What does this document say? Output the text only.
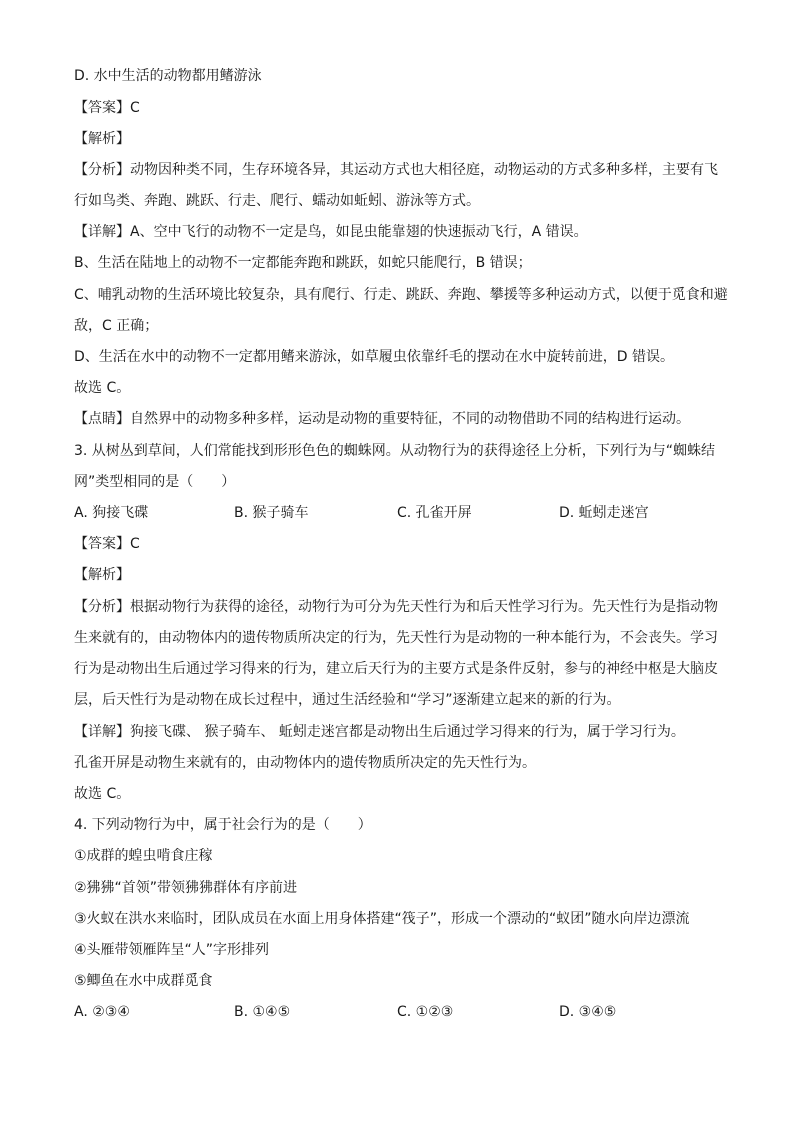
D. 水中生活的动物都用鳍游泳
【答案】C
【解析】
【分析】动物因种类不同，生存环境各异，其运动方式也大相径庭，动物运动的方式多种多样，主要有飞
行如鸟类、奔跑、跳跃、行走、爬行、蠕动如蚯蚓、游泳等方式。
【详解】A、空中飞行的动物不一定是鸟，如昆虫能靠翅的快速振动飞行，A 错误。
B、生活在陆地上的动物不一定都能奔跑和跳跃，如蛇只能爬行，B 错误；
C、哺乳动物的生活环境比较复杂，具有爬行、行走、跳跃、奔跑、攀援等多种运动方式，以便于觅食和避
敌，C 正确；
D、生活在水中的动物不一定都用鳍来游泳，如草履虫依靠纤毛的摆动在水中旋转前进，D 错误。
故选 C。
【点睛】自然界中的动物多种多样，运动是动物的重要特征，不同的动物借助不同的结构进行运动。
3. 从树丛到草间，人们常能找到形形色色的蜘蛛网。从动物行为的获得途径上分析，下列行为与“蜘蛛结
网”类型相同的是（　　）
A. 狗接飞碟	B. 猴子骑车	C. 孔雀开屏	D. 蚯蚓走迷宫
【答案】C
【解析】
【分析】根据动物行为获得的途径，动物行为可分为先天性行为和后天性学习行为。先天性行为是指动物
生来就有的，由动物体内的遗传物质所决定的行为，先天性行为是动物的一种本能行为，不会丧失。学习
行为是动物出生后通过学习得来的行为，建立后天行为的主要方式是条件反射，参与的神经中枢是大脑皮
层，后天性行为是动物在成长过程中，通过生活经验和“学习”逐渐建立起来的新的行为。
【详解】狗接飞碟、 猴子骑车、 蚯蚓走迷宫都是动物出生后通过学习得来的行为，属于学习行为。
孔雀开屏是动物生来就有的，由动物体内的遗传物质所决定的先天性行为。
故选 C。
4. 下列动物行为中，属于社会行为的是（　　）
①成群的蝗虫啃食庄稼
②狒狒“首领”带领狒狒群体有序前进
③火蚁在洪水来临时，团队成员在水面上用身体搭建“筏子”，形成一个漂动的“蚁团”随水向岸边漂流
④头雁带领雁阵呈“人”字形排列
⑤鲫鱼在水中成群觅食
A. ②③④	B. ①④⑤	C. ①②③	D. ③④⑤
